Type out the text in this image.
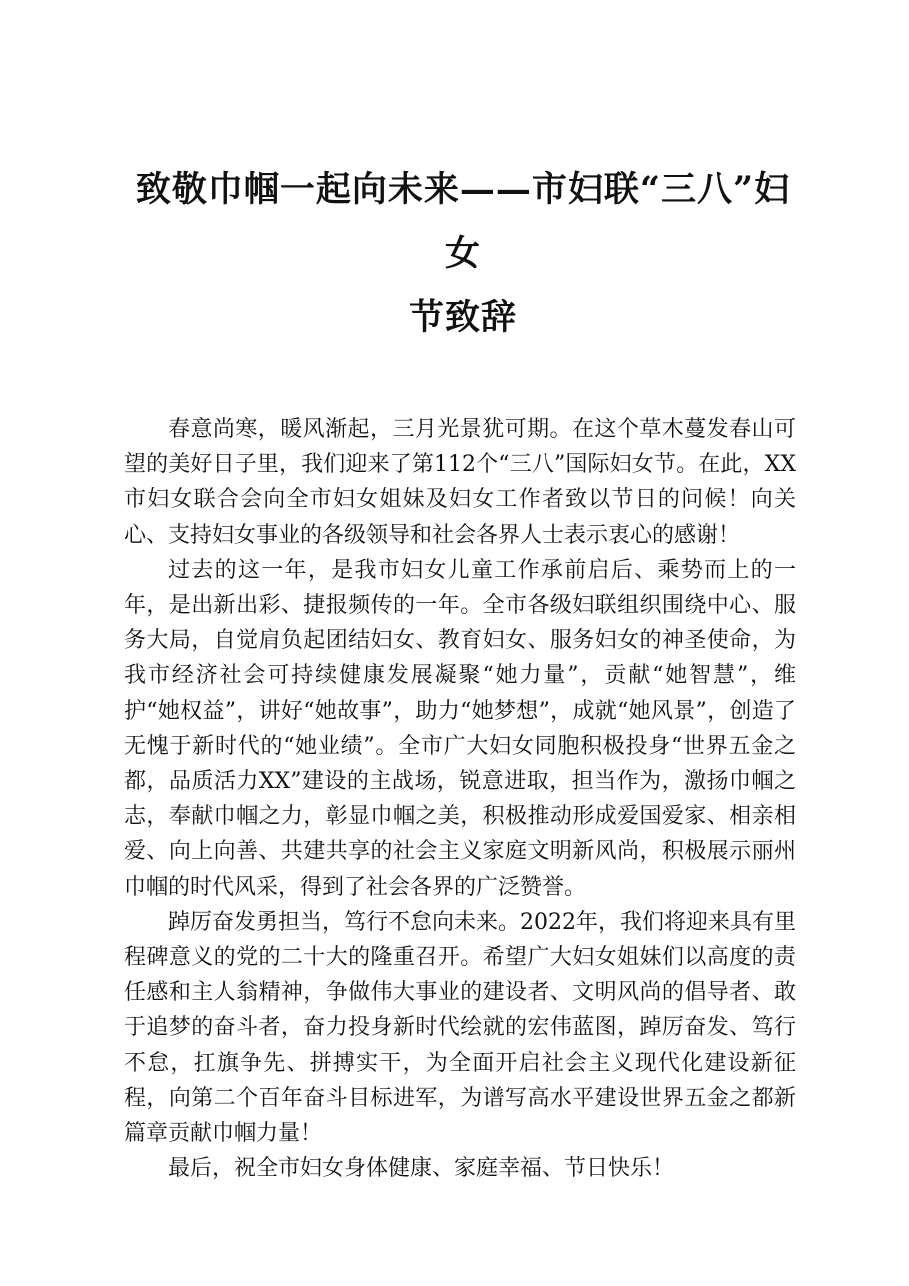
致敬巾帼一起向未来——市妇联“三八”妇女
节致辞

春意尚寒，暖风渐起，三月光景犹可期。在这个草木蔓发春山可望的美好日子里，我们迎来了第112个“三八”国际妇女节。在此，XX市妇女联合会向全市妇女姐妹及妇女工作者致以节日的问候！向关心、支持妇女事业的各级领导和社会各界人士表示衷心的感谢！

过去的这一年，是我市妇女儿童工作承前启后、乘势而上的一年，是出新出彩、捷报频传的一年。全市各级妇联组织围绕中心、服务大局，自觉肩负起团结妇女、教育妇女、服务妇女的神圣使命，为我市经济社会可持续健康发展凝聚“她力量”，贡献“她智慧”，维护“她权益”，讲好“她故事”，助力“她梦想”，成就“她风景”，创造了无愧于新时代的“她业绩”。全市广大妇女同胞积极投身“世界五金之都，品质活力XX”建设的主战场，锐意进取，担当作为，激扬巾帼之志，奉献巾帼之力，彰显巾帼之美，积极推动形成爱国爱家、相亲相爱、向上向善、共建共享的社会主义家庭文明新风尚，积极展示丽州巾帼的时代风采，得到了社会各界的广泛赞誉。

踔厉奋发勇担当，笃行不怠向未来。2022年，我们将迎来具有里程碑意义的党的二十大的隆重召开。希望广大妇女姐妹们以高度的责任感和主人翁精神，争做伟大事业的建设者、文明风尚的倡导者、敢于追梦的奋斗者，奋力投身新时代绘就的宏伟蓝图，踔厉奋发、笃行不怠，扛旗争先、拼搏实干，为全面开启社会主义现代化建设新征程，向第二个百年奋斗目标进军，为谱写高水平建设世界五金之都新篇章贡献巾帼力量！

最后，祝全市妇女身体健康、家庭幸福、节日快乐！
